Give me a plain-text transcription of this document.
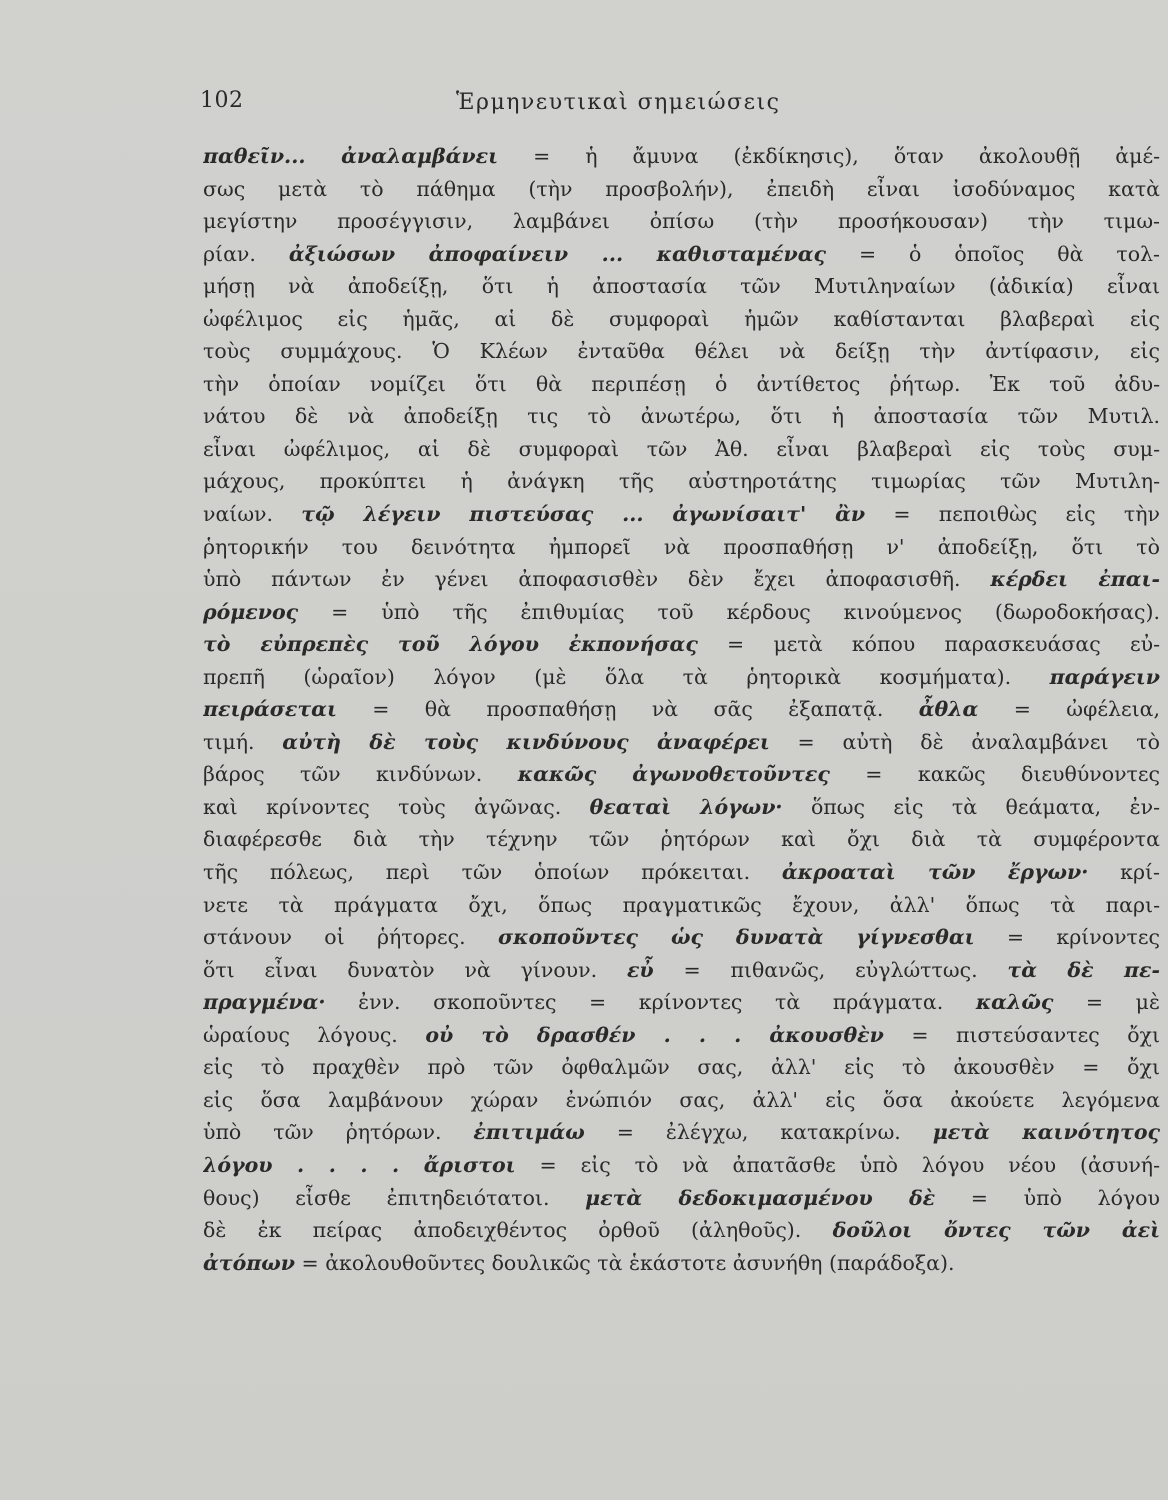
102	Ἑρμηνευτικαὶ σημειώσεις
παθεῖν... ἀναλαμβάνει = ἡ ἄμυνα (ἐκδίκησις), ὅταν ἀκολουθῇ ἀμέ-
σως μετὰ τὸ πάθημα (τὴν προσβολήν), ἐπειδὴ εἶναι ἰσοδύναμος κατὰ
μεγίστην προσέγγισιν, λαμβάνει ὀπίσω (τὴν προσήκουσαν) τὴν τιμω-
ρίαν. ἀξιώσων ἀποφαίνειν ... καθισταμένας = ὁ ὁποῖος θὰ τολ-
μήσῃ νὰ ἀποδείξῃ, ὅτι ἡ ἀποστασία τῶν Μυτιληναίων (ἀδικία) εἶναι
ὠφέλιμος εἰς ἡμᾶς, αἱ δὲ συμφοραὶ ἡμῶν καθίστανται βλαβεραὶ εἰς
τοὺς συμμάχους. Ὁ Κλέων ἐνταῦθα θέλει νὰ δείξῃ τὴν ἀντίφασιν, εἰς
τὴν ὁποίαν νομίζει ὅτι θὰ περιπέσῃ ὁ ἀντίθετος ῥήτωρ. Ἐκ τοῦ ἀδυ-
νάτου δὲ νὰ ἀποδείξῃ τις τὸ ἀνωτέρω, ὅτι ἡ ἀποστασία τῶν Μυτιλ.
εἶναι ὠφέλιμος, αἱ δὲ συμφοραὶ τῶν Ἀθ. εἶναι βλαβεραὶ εἰς τοὺς συμ-
μάχους, προκύπτει ἡ ἀνάγκη τῆς αὐστηροτάτης τιμωρίας τῶν Μυτιλη-
ναίων. τῷ λέγειν πιστεύσας ... ἀγωνίσαιτ' ἂν = πεποιθὼς εἰς τὴν
ῥητορικήν του δεινότητα ἠμπορεῖ νὰ προσπαθήσῃ ν' ἀποδείξῃ, ὅτι τὸ
ὑπὸ πάντων ἐν γένει ἀποφασισθὲν δὲν ἔχει ἀποφασισθῆ. κέρδει ἐπαι-
ρόμενος = ὑπὸ τῆς ἐπιθυμίας τοῦ κέρδους κινούμενος (δωροδοκήσας).
τὸ εὐπρεπὲς τοῦ λόγου ἐκπονήσας = μετὰ κόπου παρασκευάσας εὐ-
πρεπῆ (ὡραῖον) λόγον (μὲ ὅλα τὰ ῥητορικὰ κοσμήματα). παράγειν
πειράσεται = θὰ προσπαθήσῃ νὰ σᾶς ἐξαπατᾷ. ἆθλα = ὠφέλεια,
τιμή. αὐτὴ δὲ τοὺς κινδύνους ἀναφέρει = αὐτὴ δὲ ἀναλαμβάνει τὸ
βάρος τῶν κινδύνων. κακῶς ἀγωνοθετοῦντες = κακῶς διευθύνοντες
καὶ κρίνοντες τοὺς ἀγῶνας. θεαταὶ λόγων· ὅπως εἰς τὰ θεάματα, ἐν-
διαφέρεσθε διὰ τὴν τέχνην τῶν ῥητόρων καὶ ὄχι διὰ τὰ συμφέροντα
τῆς πόλεως, περὶ τῶν ὁποίων πρόκειται. ἀκροαταὶ τῶν ἔργων· κρί-
νετε τὰ πράγματα ὄχι, ὅπως πραγματικῶς ἔχουν, ἀλλ' ὅπως τὰ παρι-
στάνουν οἱ ῥήτορες. σκοποῦντες ὡς δυνατὰ γίγνεσθαι = κρίνοντες
ὅτι εἶναι δυνατὸν νὰ γίνουν. εὖ = πιθανῶς, εὐγλώττως. τὰ δὲ πε-
πραγμένα· ἐνν. σκοποῦντες = κρίνοντες τὰ πράγματα. καλῶς = μὲ
ὡραίους λόγους. οὐ τὸ δρασθέν . . . ἀκουσθὲν = πιστεύσαντες ὄχι
εἰς τὸ πραχθὲν πρὸ τῶν ὀφθαλμῶν σας, ἀλλ' εἰς τὸ ἀκουσθὲν = ὄχι
εἰς ὅσα λαμβάνουν χώραν ἐνώπιόν σας, ἀλλ' εἰς ὅσα ἀκούετε λεγόμενα
ὑπὸ τῶν ῥητόρων. ἐπιτιμάω = ἐλέγχω, κατακρίνω. μετὰ καινότητος
λόγου . . . . ἄριστοι = εἰς τὸ νὰ ἀπατᾶσθε ὑπὸ λόγου νέου (ἀσυνή-
θους) εἶσθε ἐπιτηδειότατοι. μετὰ δεδοκιμασμένου δὲ = ὑπὸ λόγου
δὲ ἐκ πείρας ἀποδειχθέντος ὀρθοῦ (ἀληθοῦς). δοῦλοι ὄντες τῶν ἀεὶ
ἀτόπων = ἀκολουθοῦντες δουλικῶς τὰ ἑκάστοτε ἀσυνήθη (παράδοξα).
